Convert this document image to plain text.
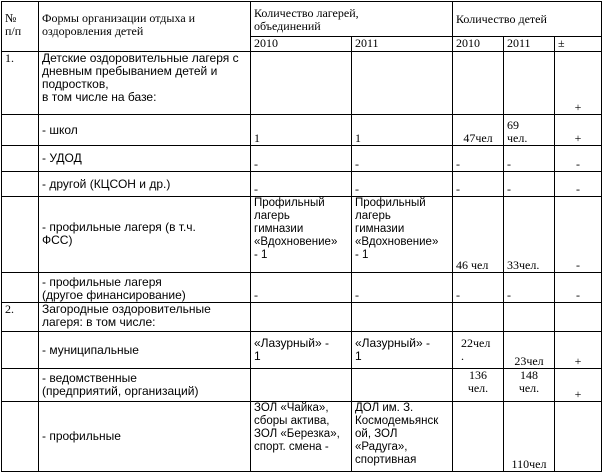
№
п/п	Формы организации отдыха и
оздоровления детей	Количество лагерей,
объединений		Количество детей		
		2010	2011	2010	2011	±
1.	Детские оздоровительные лагеря с
дневным пребыванием детей и
подростков,
в том числе на базе:					+
	- школ	1	1	47чел	69
чел.	+
	- УДОД	-	-	-	-	-
	- другой (КЦСОН и др.)	-	-	-	-	-
	- профильные лагеря (в т.ч.
ФСС)	Профильный
лагерь
гимназии
«Вдохновение»
- 1	Профильный
лагерь
гимназии
«Вдохновение»
- 1	46 чел	33чел.	-
	- профильные лагеря
(другое финансирование)	-	-	-	-	-
2.	Загородные оздоровительные
лагеря: в том числе:					
	- муниципальные	«Лазурный» -
1	«Лазурный» -
1	22чел
.	23чел	+
	- ведомственные
(предприятий, организаций)			136
чел.	148
чел.	+
	- профильные	ЗОЛ «Чайка»,
сборы актива,
ЗОЛ «Березка»,
спорт. смена -	ДОЛ им. З.
Космодемьянск
ой, ЗОЛ
«Радуга»,
спортивная		110чел	
